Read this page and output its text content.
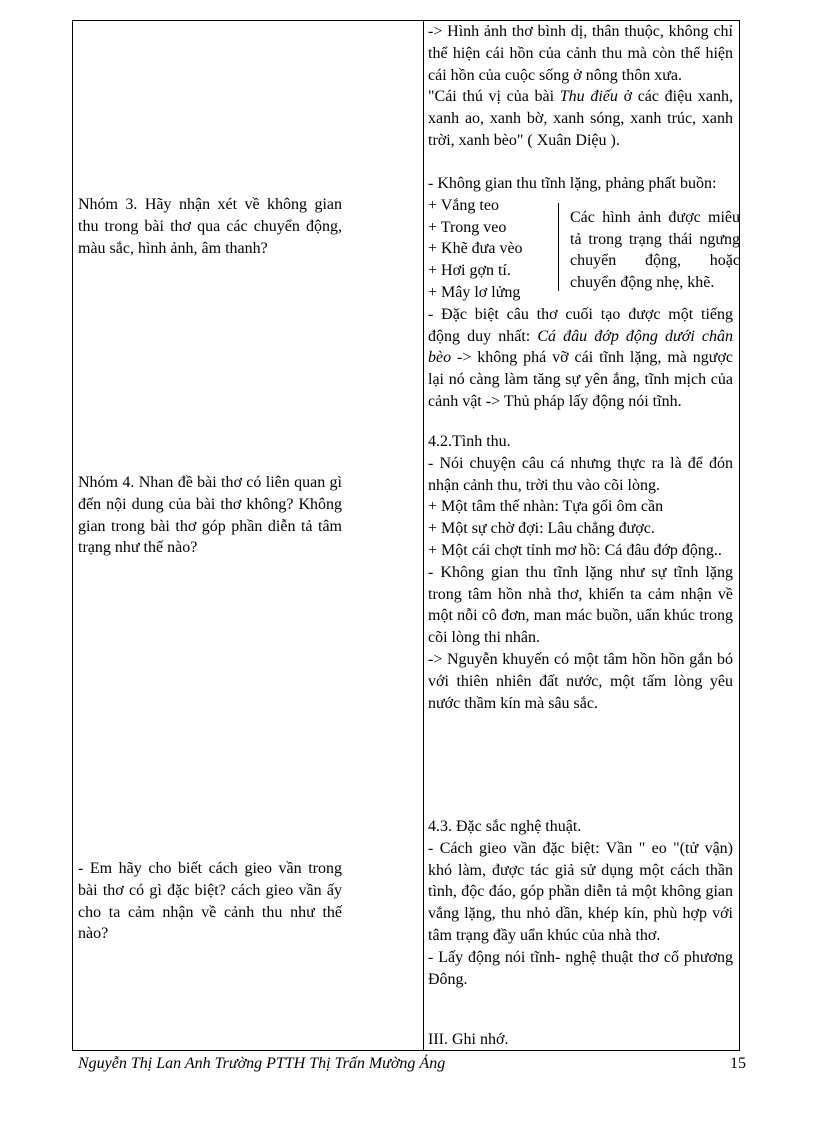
Nhóm 3. Hãy nhận xét về không gian thu trong bài thơ qua các chuyển động, màu sắc, hình ảnh, âm thanh?
Nhóm 4. Nhan đề bài thơ có liên quan gì đến nội dung của bài thơ không? Không gian trong bài thơ góp phần diễn tả tâm trạng như thế nào?
- Em hãy cho biết cách gieo vần trong bài thơ có gì đặc biệt? cách gieo vần ấy cho ta cảm nhận về cảnh thu như thế nào?
-> Hình ảnh thơ bình dị, thân thuộc, không chỉ thể hiện cái hồn của cảnh thu mà còn thể hiện cái hồn của cuộc sống ở nông thôn xưa.
"Cái thú vị của bài Thu điếu ở các điệu xanh, xanh ao, xanh bờ, xanh sóng, xanh trúc, xanh trời, xanh bèo" ( Xuân Diệu ).
- Không gian thu tĩnh lặng, phảng phất buồn:
+ Vắng teo
+ Trong veo
+ Khẽ đưa vèo
+ Hơi gợn tí.
+ Mây lơ lửng
Các hình ảnh được miêu tả trong trạng thái ngưng chuyển động, hoặc chuyển động nhẹ, khẽ.
- Đặc biệt câu thơ cuối tạo được một tiếng động duy nhất: Cá đâu đớp động dưới chân bèo -> không phá vỡ cái tĩnh lặng, mà ngược lại nó càng làm tăng sự yên ắng, tĩnh mịch của cảnh vật -> Thủ pháp lấy động nói tĩnh.
4.2.Tình thu.
- Nói chuyện câu cá nhưng thực ra là để đón nhận cảnh thu, trời thu vào cõi lòng.
+ Một tâm thế nhàn: Tựa gối ôm cần
+ Một sự chờ đợi: Lâu chẳng được.
+ Một cái chợt tỉnh mơ hồ: Cá đâu đớp động..
- Không gian thu tĩnh lặng như sự tĩnh lặng trong tâm hồn nhà thơ, khiến ta cảm nhận về một nỗi cô đơn, man mác buồn, uẩn khúc trong cõi lòng thi nhân.
-> Nguyễn khuyến có một tâm hồn hồn gắn bó với thiên nhiên đất nước, một tấm lòng yêu nước thầm kín mà sâu sắc.
4.3. Đặc sắc nghệ thuật.
- Cách gieo vần đặc biệt: Vần " eo "(tử vận) khó làm, được tác giả sử dụng một cách thần tình, độc đáo, góp phần diễn tả một không gian vắng lặng, thu nhỏ dần, khép kín, phù hợp với tâm trạng đầy uẩn khúc của nhà thơ.
- Lấy động nói tĩnh- nghệ thuật thơ cổ phương Đông.
III. Ghi nhớ.
Nguyễn Thị Lan Anh Trường PTTH Thị Trấn Mường Ảng	15
